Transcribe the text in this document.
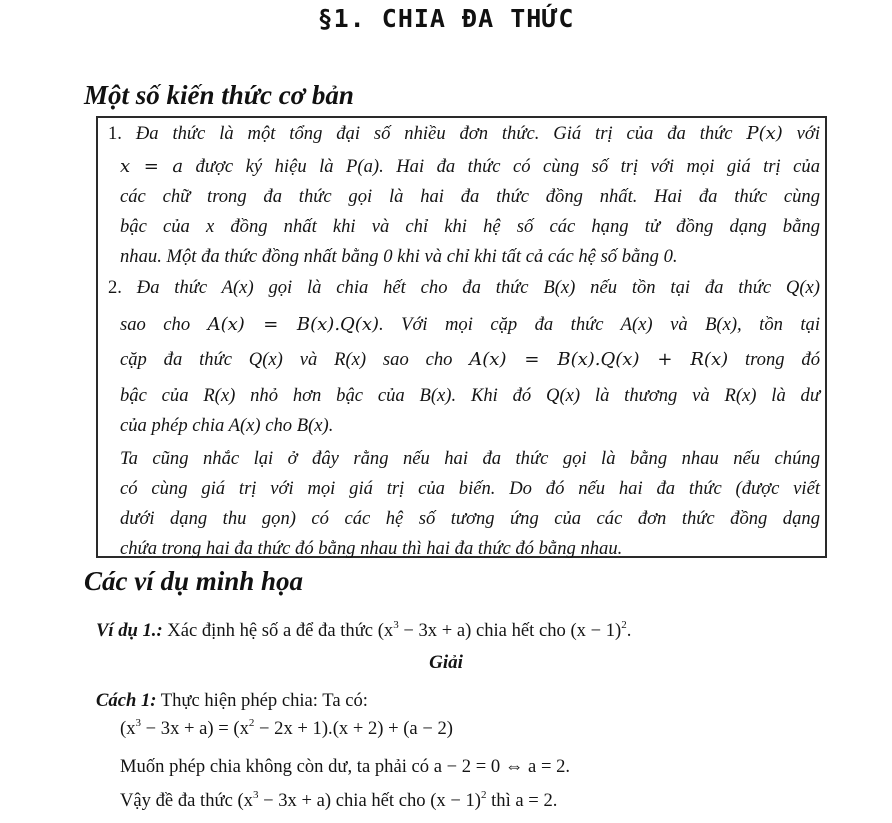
§1. CHIA ĐA THỨC
Một số kiến thức cơ bản
1. Đa thức là một tổng đại số nhiều đơn thức. Giá trị của đa thức P(x) với
x = a được ký hiệu là P(a). Hai đa thức có cùng số trị với mọi giá trị của
các chữ trong đa thức gọi là hai đa thức đồng nhất. Hai đa thức cùng
bậc của x đồng nhất khi và chỉ khi hệ số các hạng tử đồng dạng bằng
nhau. Một đa thức đồng nhất bằng 0 khi và chỉ khi tất cả các hệ số bằng 0.
2. Đa thức A(x) gọi là chia hết cho đa thức B(x) nếu tồn tại đa thức Q(x)
sao cho A(x) = B(x).Q(x). Với mọi cặp đa thức A(x) và B(x), tồn tại
cặp đa thức Q(x) và R(x) sao cho A(x) = B(x).Q(x) + R(x) trong đó
bậc của R(x) nhỏ hơn bậc của B(x). Khi đó Q(x) là thương và R(x) là dư
của phép chia A(x) cho B(x).
Ta cũng nhắc lại ở đây rằng nếu hai đa thức gọi là bằng nhau nếu chúng
có cùng giá trị với mọi giá trị của biến. Do đó nếu hai đa thức (được viết
dưới dạng thu gọn) có các hệ số tương ứng của các đơn thức đồng dạng
chứa trong hai đa thức đó bằng nhau thì hai đa thức đó bằng nhau.
Các ví dụ minh họa
Ví dụ 1.: Xác định hệ số a để đa thức $(x^3 - 3x + a)$ chia hết cho $(x - 1)^2$.
Giải
Cách 1: Thực hiện phép chia: Ta có:
$(x^3 - 3x + a) = (x^2 - 2x + 1).(x + 2) + (a - 2)$
Muốn phép chia không còn dư, ta phải có a − 2 = 0 ⇔ a = 2.
Vậy đề đa thức $(x^3 - 3x + a)$ chia hết cho $(x - 1)^2$ thì a = 2.
